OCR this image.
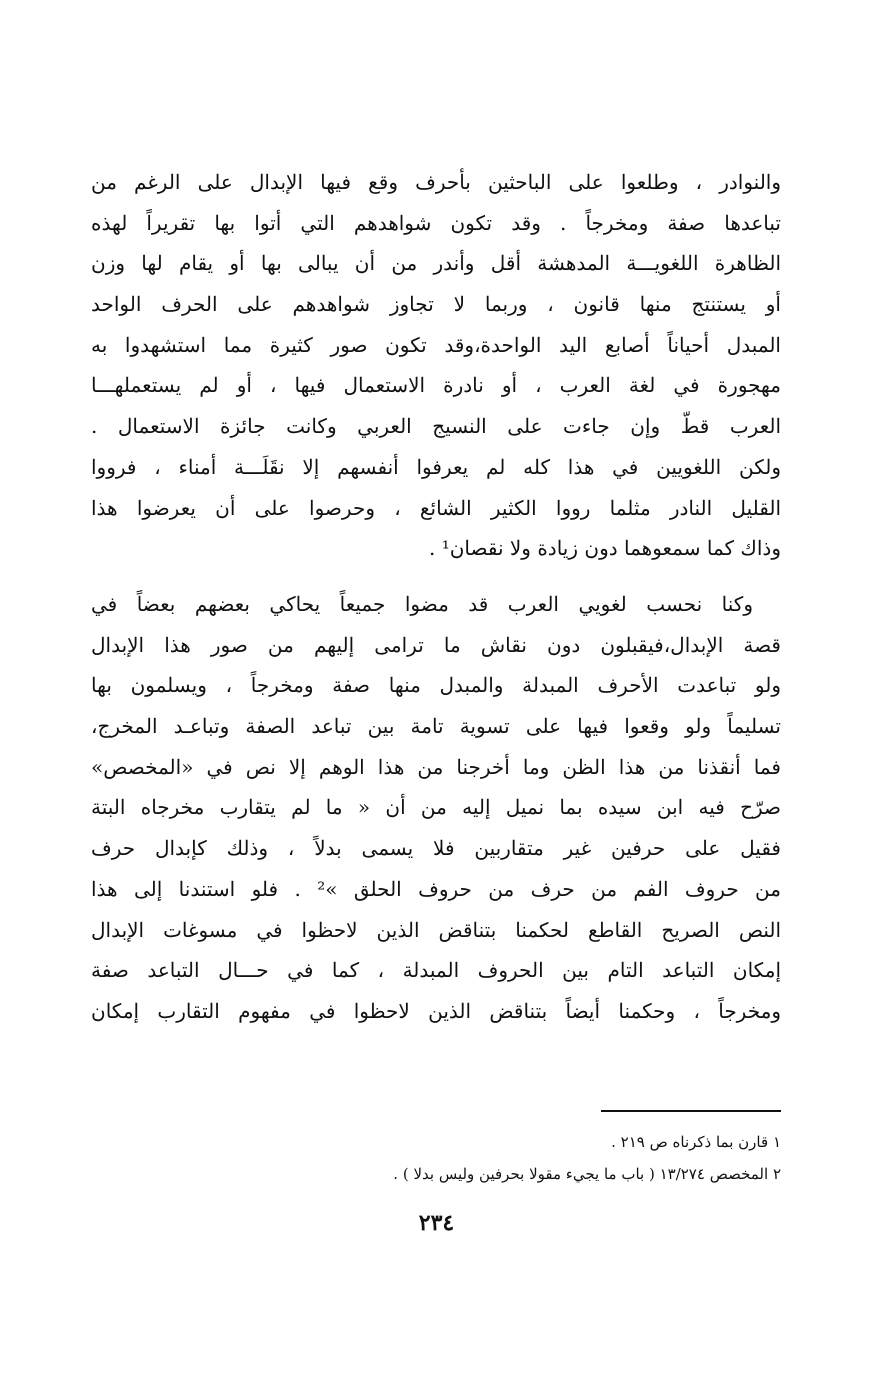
والنوادر ، وطلعوا على الباحثين بأحرف وقع فيها الإبدال على الرغم من
تباعدها صفة ومخرجاً . وقد تكون شواهدهم التي أتوا بها تقريراً لهذه
الظاهرة اللغويـــة المدهشة أقل وأندر من أن يبالى بها أو يقام لها وزن
أو يستنتج منها قانون ، وربما لا تجاوز شواهدهم على الحرف الواحد
المبدل أحياناً أصابع اليد الواحدة،وقد تكون صور كثيرة مما استشهدوا به
مهجورة في لغة العرب ، أو نادرة الاستعمال فيها ، أو لم يستعملهـــا
العرب قطّ وإن جاءت على النسيج العربي وكانت جائزة الاستعمال .
ولكن اللغويين في هذا كله لم يعرفوا أنفسهم إلا نقَلَـــة أمناء ، فرووا
القليل النادر مثلما رووا الكثير الشائع ، وحرصوا على أن يعرضوا هذا
وذاك كما سمعوهما دون زيادة ولا نقصان¹ .
وكنا نحسب لغويي العرب قد مضوا جميعاً يحاكي بعضهم بعضاً في
قصة الإبدال،فيقبلون دون نقاش ما ترامى إليهم من صور هذا الإبدال
ولو تباعدت الأحرف المبدلة والمبدل منها صفة ومخرجاً ، ويسلمون بها
تسليماً ولو وقعوا فيها على تسوية تامة بين تباعد الصفة وتباعـد المخرج،
فما أنقذنا من هذا الظن وما أخرجنا من هذا الوهم إلا نص في «المخصص»
صرّح فيه ابن سيده بما نميل إليه من أن « ما لم يتقارب مخرجاه البتة
فقيل على حرفين غير متقاربين فلا يسمى بدلاً ، وذلك كإبدال حرف
من حروف الفم من حرف من حروف الحلق »² . فلو استندنا إلى هذا
النص الصريح القاطع لحكمنا بتناقض الذين لاحظوا في مسوغات الإبدال
إمكان التباعد التام بين الحروف المبدلة ، كما في حـــال التباعد صفة
ومخرجاً ، وحكمنا أيضاً بتناقض الذين لاحظوا في مفهوم التقارب إمكان
١ قارن بما ذكرناه ص ٢١٩ .
٢ المخصص ١٣/٢٧٤ ( باب ما يجيء مقولا بحرفين وليس بدلا ) .
٢٣٤
